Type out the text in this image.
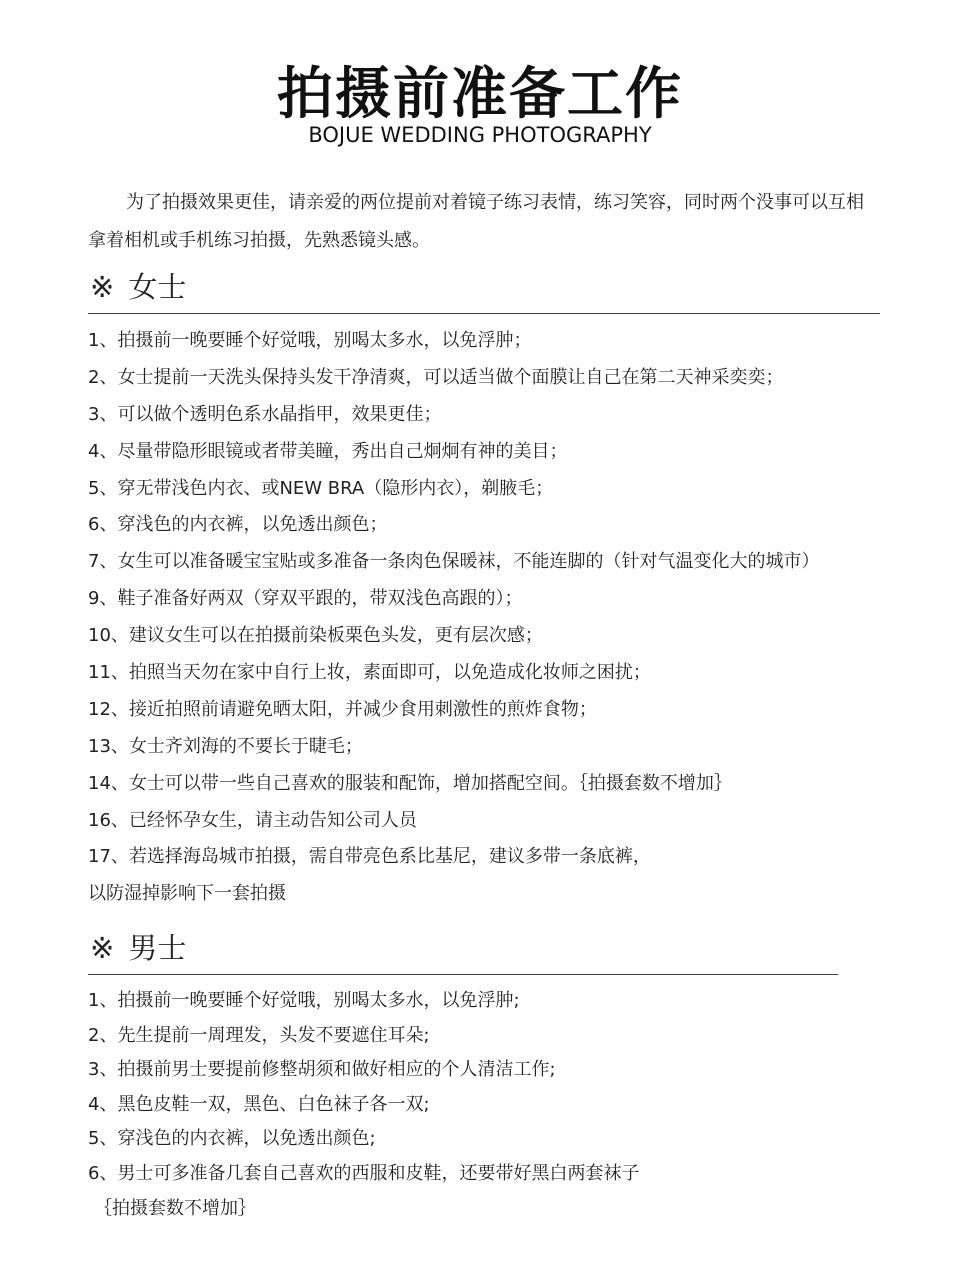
拍摄前准备工作
BOJUE WEDDING PHOTOGRAPHY
为了拍摄效果更佳，请亲爱的两位提前对着镜子练习表情，练习笑容，同时两个没事可以互相拿着相机或手机练习拍摄，先熟悉镜头感。
※ 女士
1、拍摄前一晚要睡个好觉哦，别喝太多水，以免浮肿；
2、女士提前一天洗头保持头发干净清爽，可以适当做个面膜让自己在第二天神采奕奕；
3、可以做个透明色系水晶指甲，效果更佳；
4、尽量带隐形眼镜或者带美瞳，秀出自己炯炯有神的美目；
5、穿无带浅色内衣、或NEW BRA（隐形内衣），剃腋毛；
6、穿浅色的内衣裤，以免透出颜色；
7、女生可以准备暖宝宝贴或多准备一条肉色保暖袜，不能连脚的（针对气温变化大的城市）
9、鞋子准备好两双（穿双平跟的，带双浅色高跟的）；
10、建议女生可以在拍摄前染板栗色头发，更有层次感；
11、拍照当天勿在家中自行上妆，素面即可，以免造成化妆师之困扰；
12、接近拍照前请避免晒太阳，并减少食用刺激性的煎炸食物；
13、女士齐刘海的不要长于睫毛；
14、女士可以带一些自己喜欢的服装和配饰，增加搭配空间。｛拍摄套数不增加｝
16、已经怀孕女生，请主动告知公司人员
17、若选择海岛城市拍摄，需自带亮色系比基尼，建议多带一条底裤，
以防湿掉影响下一套拍摄
※ 男士
1、拍摄前一晚要睡个好觉哦，别喝太多水，以免浮肿;
2、先生提前一周理发，头发不要遮住耳朵;
3、拍摄前男士要提前修整胡须和做好相应的个人清洁工作;
4、黑色皮鞋一双，黑色、白色袜子各一双;
5、穿浅色的内衣裤，以免透出颜色;
6、男士可多准备几套自己喜欢的西服和皮鞋，还要带好黑白两套袜子
｛拍摄套数不增加｝
